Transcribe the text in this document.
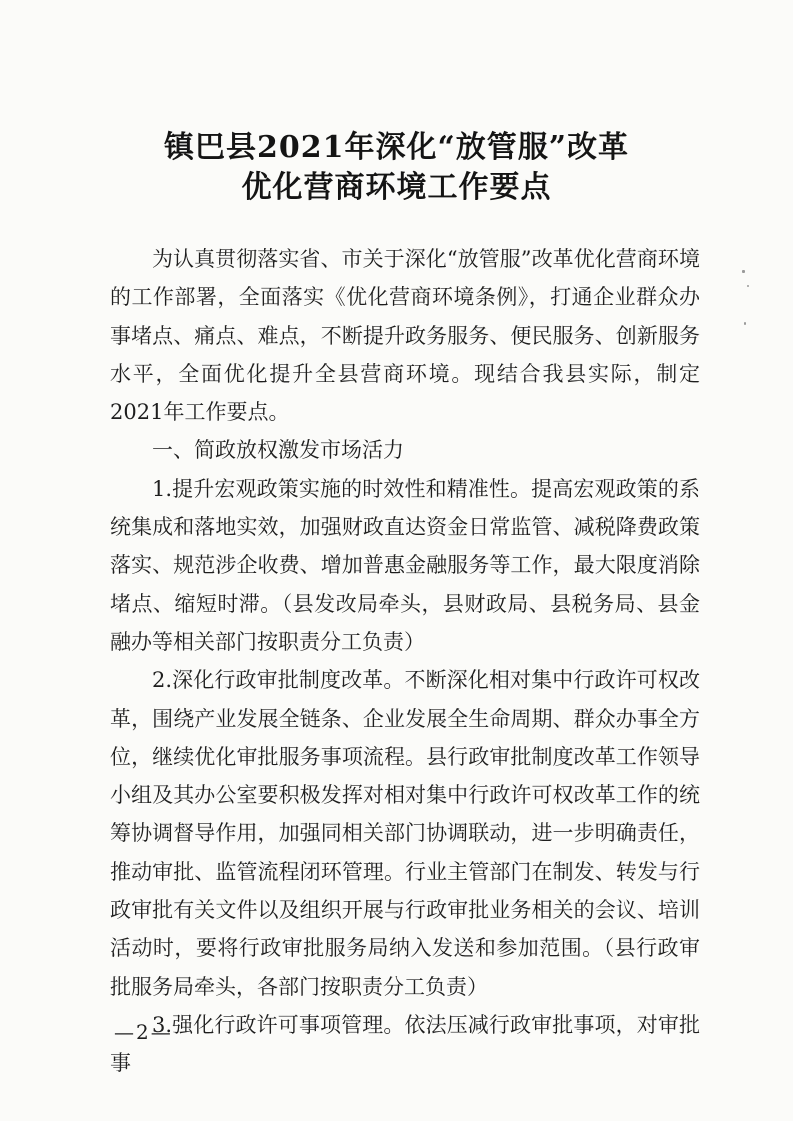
镇巴县2021年深化“放管服”改革
优化营商环境工作要点

为认真贯彻落实省、市关于深化“放管服”改革优化营商环境的工作部署，全面落实《优化营商环境条例》，打通企业群众办事堵点、痛点、难点，不断提升政务服务、便民服务、创新服务水平，全面优化提升全县营商环境。现结合我县实际，制定2021年工作要点。

一、简政放权激发市场活力

1.提升宏观政策实施的时效性和精准性。提高宏观政策的系统集成和落地实效，加强财政直达资金日常监管、减税降费政策落实、规范涉企收费、增加普惠金融服务等工作，最大限度消除堵点、缩短时滞。（县发改局牵头，县财政局、县税务局、县金融办等相关部门按职责分工负责）

2.深化行政审批制度改革。不断深化相对集中行政许可权改革，围绕产业发展全链条、企业发展全生命周期、群众办事全方位，继续优化审批服务事项流程。县行政审批制度改革工作领导小组及其办公室要积极发挥对相对集中行政许可权改革工作的统筹协调督导作用，加强同相关部门协调联动，进一步明确责任，推动审批、监管流程闭环管理。行业主管部门在制发、转发与行政审批有关文件以及组织开展与行政审批业务相关的会议、培训活动时，要将行政审批服务局纳入发送和参加范围。（县行政审批服务局牵头，各部门按职责分工负责）

3.强化行政许可事项管理。依法压减行政审批事项，对审批事

—2—
